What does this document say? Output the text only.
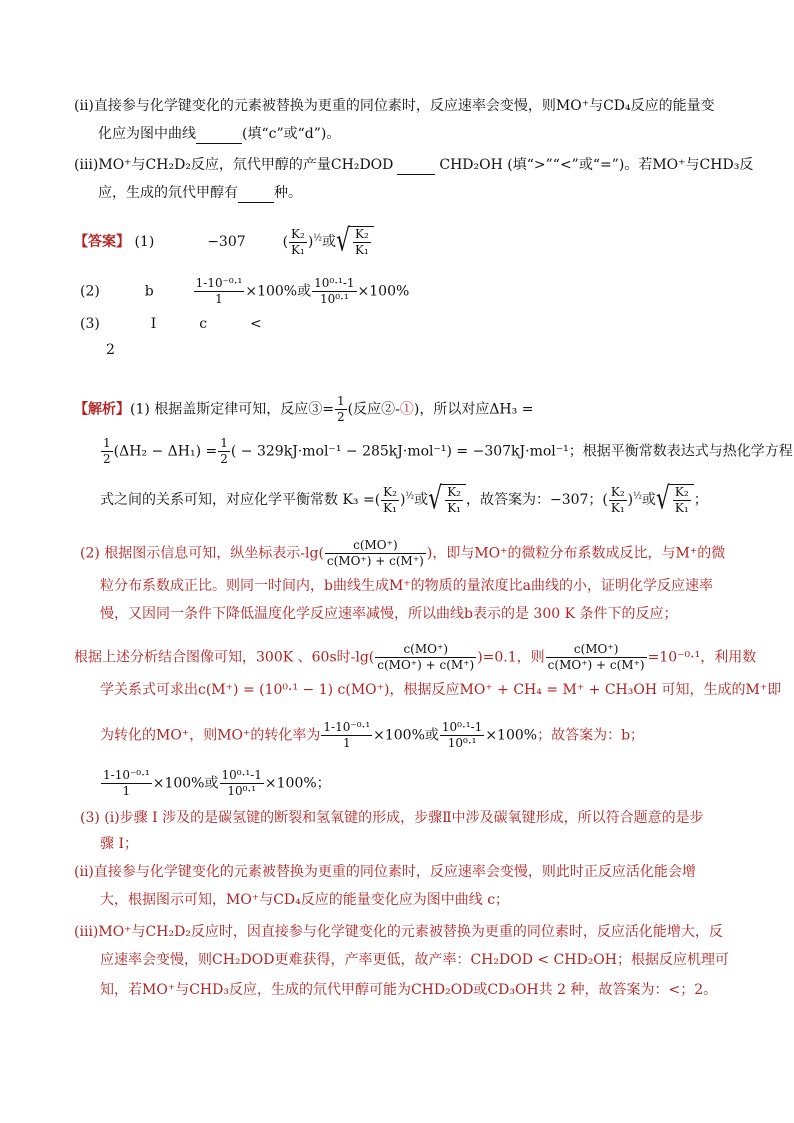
(ⅱ)直接参与化学键变化的元素被替换为更重的同位素时，反应速率会变慢，则MO⁺与CD₄反应的能量变
化应为图中曲线	(填“c”或“d”)。
(ⅲ)MO⁺与CH₂D₂反应，氘代甲醇的产量CH₂DOD	CHD₂OH (填“>”“<”或“=”)。若MO⁺与CHD₃反
应，生成的氘代甲醇有	种。
【答案】 (1)	−307	( $\frac{\text{K₂}}{\text{K₁}} )^{\frac{1}{2}}$或√ $\frac{\text{K₂}}{\text{K₁}}$
(2)	b	$\frac{\text{1-10⁻⁰·¹}}{1} \times 100\%$或 $\frac{\text{10⁰·¹-1}}{\text{10⁰·¹}} \times 100\%$
(3)	I	c	<
2
【解析】(1) 根据盖斯定律可知，反应③= $\frac{1}{2}$ (反应②-①)，所以对应ΔH₃ =
$\frac{1}{2} (\Delta H_2 - \Delta H_1) = \frac{1}{2}$ ( − 329kJ·mol⁻¹ − 285kJ·mol⁻¹) = −307kJ·mol⁻¹；根据平衡常数表达式与热化学方程
式之间的关系可知，对应化学平衡常数 K₃ =( $\frac{\text{K₂}}{\text{K₁}} )^{\frac{1}{2}}$或√ $\frac{\text{K₂}}{\text{K₁}}$ ，故答案为：−307；( $\frac{\text{K₂}}{\text{K₁}} )^{\frac{1}{2}}$或√ $\frac{\text{K₂}}{\text{K₁}}$ ；
(2) 根据图示信息可知，纵坐标表示$-\lg( \frac{c(MO^+)}{c(MO^+) + c(M^+)}$ )，即与MO⁺的微粒分布系数成反比，与M⁺的微
粒分布系数成正比。则同一时间内，b曲线生成M⁺的物质的量浓度比a曲线的小，证明化学反应速率
慢，又因同一条件下降低温度化学反应速率减慢，所以曲线b表示的是 300 K 条件下的反应；
根据上述分析结合图像可知，300K 、60s时$-\lg( \frac{c(MO^+)}{c(MO^+) + c(M^+)} )=0.1$，则 $\frac{c(MO^+)}{c(MO^+) + c(M^+)} =10^{-0}\cdot^1$，利用数
学关系式可求出c(M⁺) = (10⁰·¹ − 1) c(MO⁺)，根据反应MO⁺ + CH₄ = M⁺ + CH₃OH 可知，生成的M⁺即
为转化的MO⁺，则MO⁺的转化率为 $\frac{\text{1-10⁻⁰·¹}}{1} \times 100\%$或 $\frac{\text{10⁰·¹-1}}{\text{10⁰·¹}} \times 100\%$；故答案为：b；
$\frac{\text{1-10⁻⁰·¹}}{1} \times 100\%$或 $\frac{\text{10⁰·¹-1}}{\text{10⁰·¹}} \times 100\%$；
(3) (ⅰ)步骤 I 涉及的是碳氢键的断裂和氢氧键的形成，步骤Ⅱ中涉及碳氧键形成，所以符合题意的是步
骤 I；
(ⅱ)直接参与化学键变化的元素被替换为更重的同位素时，反应速率会变慢，则此时正反应活化能会增
大，根据图示可知，MO⁺与CD₄反应的能量变化应为图中曲线 c；
(ⅲ)MO⁺与CH₂D₂反应时，因直接参与化学键变化的元素被替换为更重的同位素时，反应活化能增大，反
应速率会变慢，则CH₂DOD更难获得，产率更低，故产率：CH₂DOD < CHD₂OH；根据反应机理可
知，若MO⁺与CHD₃反应，生成的氘代甲醇可能为CHD₂OD或CD₃OH共 2 种，故答案为：<；2。
